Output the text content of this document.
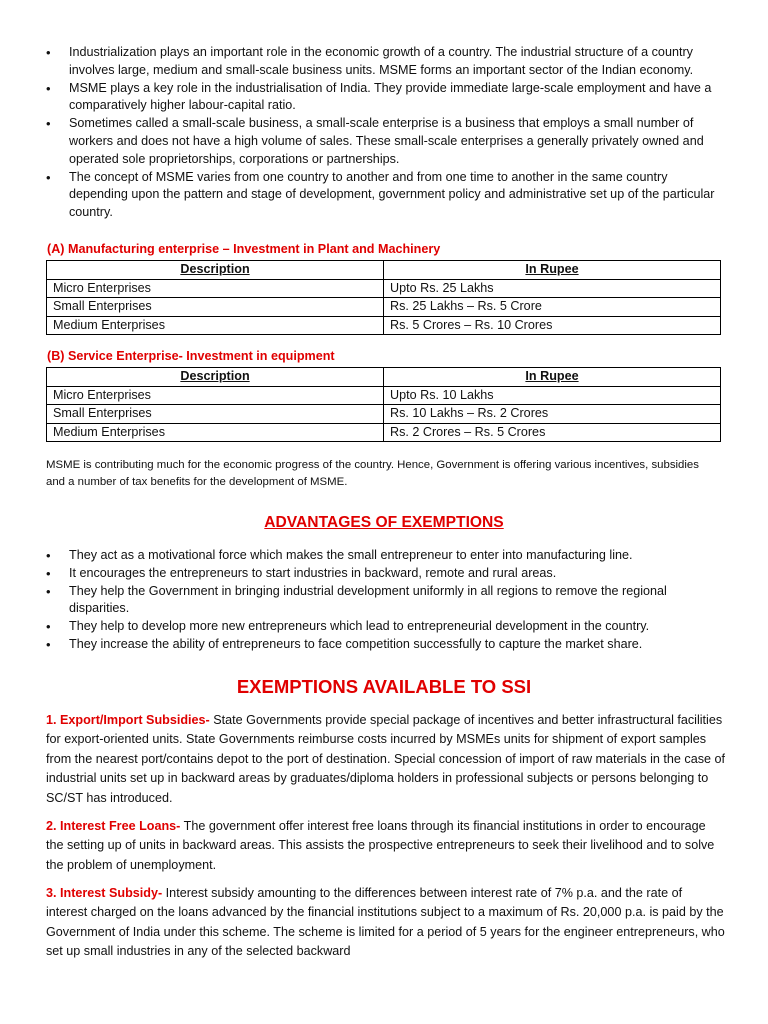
• Industrialization plays an important role in the economic growth of a country. The industrial structure of a country involves large, medium and small-scale business units. MSME forms an important sector of the Indian economy.
• MSME plays a key role in the industrialisation of India. They provide immediate large-scale employment and have a comparatively higher labour-capital ratio.
• Sometimes called a small-scale business, a small-scale enterprise is a business that employs a small number of workers and does not have a high volume of sales. These small-scale enterprises a generally privately owned and operated sole proprietorships, corporations or partnerships.
• The concept of MSME varies from one country to another and from one time to another in the same country depending upon the pattern and stage of development, government policy and administrative set up of the particular country.
(A) Manufacturing enterprise – Investment in Plant and Machinery
Description	In Rupee
Micro Enterprises	Upto Rs. 25 Lakhs
Small Enterprises	Rs. 25 Lakhs – Rs. 5 Crore
Medium Enterprises	Rs. 5 Crores – Rs. 10 Crores
(B) Service Enterprise- Investment in equipment
Description	In Rupee
Micro Enterprises	Upto Rs. 10 Lakhs
Small Enterprises	Rs. 10 Lakhs – Rs. 2 Crores
Medium Enterprises	Rs. 2 Crores – Rs. 5 Crores
MSME is contributing much for the economic progress of the country. Hence, Government is offering various incentives, subsidies and a number of tax benefits for the development of MSME.
ADVANTAGES OF EXEMPTIONS
• They act as a motivational force which makes the small entrepreneur to enter into manufacturing line.
• It encourages the entrepreneurs to start industries in backward, remote and rural areas.
• They help the Government in bringing industrial development uniformly in all regions to remove the regional disparities.
• They help to develop more new entrepreneurs which lead to entrepreneurial development in the country.
• They increase the ability of entrepreneurs to face competition successfully to capture the market share.
EXEMPTIONS AVAILABLE TO SSI
1. Export/Import Subsidies- State Governments provide special package of incentives and better infrastructural facilities for export-oriented units. State Governments reimburse costs incurred by MSMEs units for shipment of export samples from the nearest port/contains depot to the port of destination. Special concession of import of raw materials in the case of industrial units set up in backward areas by graduates/diploma holders in professional subjects or persons belonging to SC/ST has introduced.
2. Interest Free Loans- The government offer interest free loans through its financial institutions in order to encourage the setting up of units in backward areas. This assists the prospective entrepreneurs to seek their livelihood and to solve the problem of unemployment.
3. Interest Subsidy- Interest subsidy amounting to the differences between interest rate of 7% p.a. and the rate of interest charged on the loans advanced by the financial institutions subject to a maximum of Rs. 20,000 p.a. is paid by the Government of India under this scheme. The scheme is limited for a period of 5 years for the engineer entrepreneurs, who set up small industries in any of the selected backward
